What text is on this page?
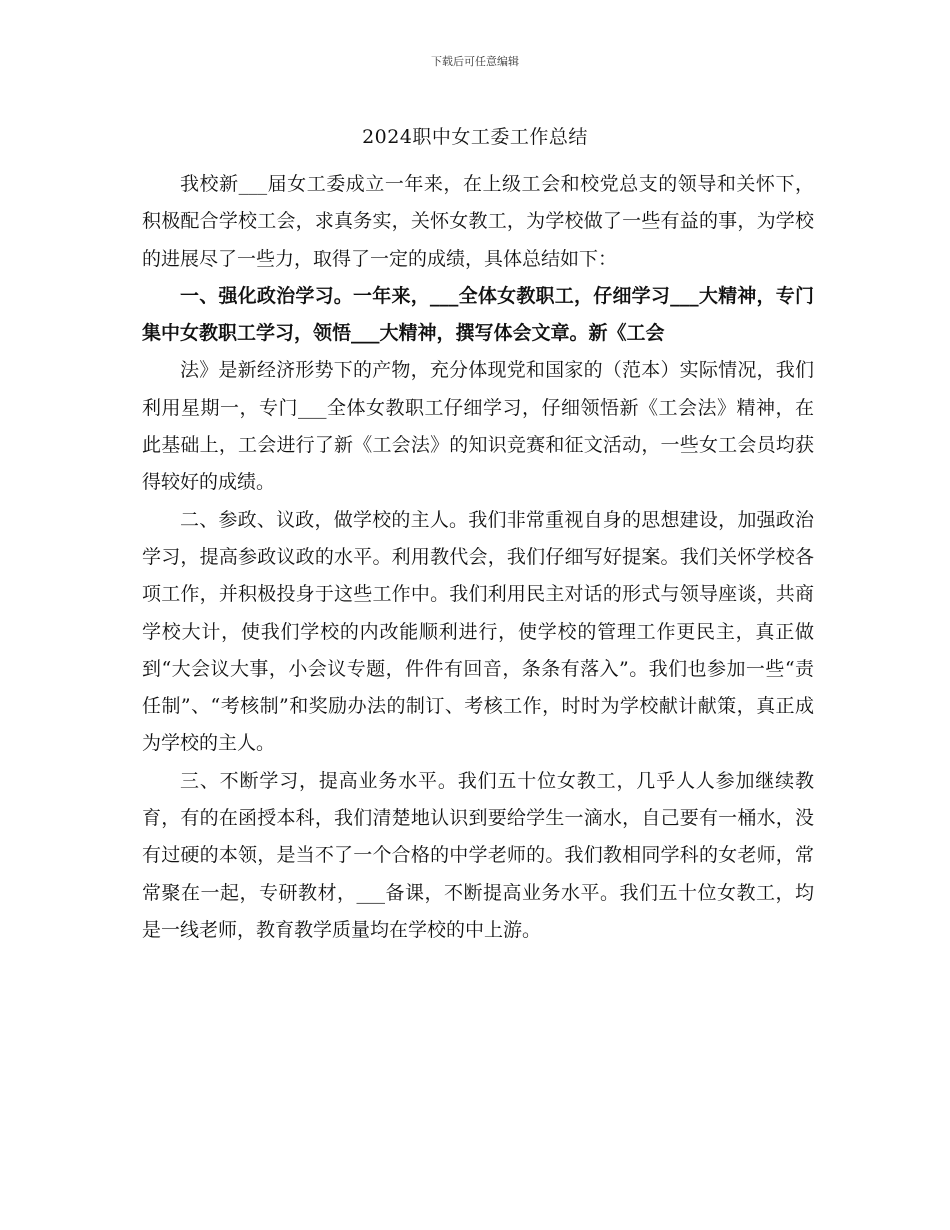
下载后可任意编辑
2024职中女工委工作总结

我校新___届女工委成立一年来，在上级工会和校党总支的领导和关怀下，积极配合学校工会，求真务实，关怀女教工，为学校做了一些有益的事，为学校的进展尽了一些力，取得了一定的成绩，具体总结如下：

一、强化政治学习。一年来，___全体女教职工，仔细学习___大精神，专门集中女教职工学习，领悟___大精神，撰写体会文章。新《工会

法》是新经济形势下的产物，充分体现党和国家的（范本）实际情况，我们利用星期一，专门___全体女教职工仔细学习，仔细领悟新《工会法》精神，在此基础上，工会进行了新《工会法》的知识竞赛和征文活动，一些女工会员均获得较好的成绩。

二、参政、议政，做学校的主人。我们非常重视自身的思想建设，加强政治学习，提高参政议政的水平。利用教代会，我们仔细写好提案。我们关怀学校各项工作，并积极投身于这些工作中。我们利用民主对话的形式与领导座谈，共商学校大计，使我们学校的内改能顺利进行，使学校的管理工作更民主，真正做到“大会议大事，小会议专题，件件有回音，条条有落入”。我们也参加一些“责任制”、“考核制”和奖励办法的制订、考核工作，时时为学校献计献策，真正成为学校的主人。

三、不断学习，提高业务水平。我们五十位女教工，几乎人人参加继续教育，有的在函授本科，我们清楚地认识到要给学生一滴水，自己要有一桶水，没有过硬的本领，是当不了一个合格的中学老师的。我们教相同学科的女老师，常常聚在一起，专研教材，___备课，不断提高业务水平。我们五十位女教工，均是一线老师，教育教学质量均在学校的中上游。
